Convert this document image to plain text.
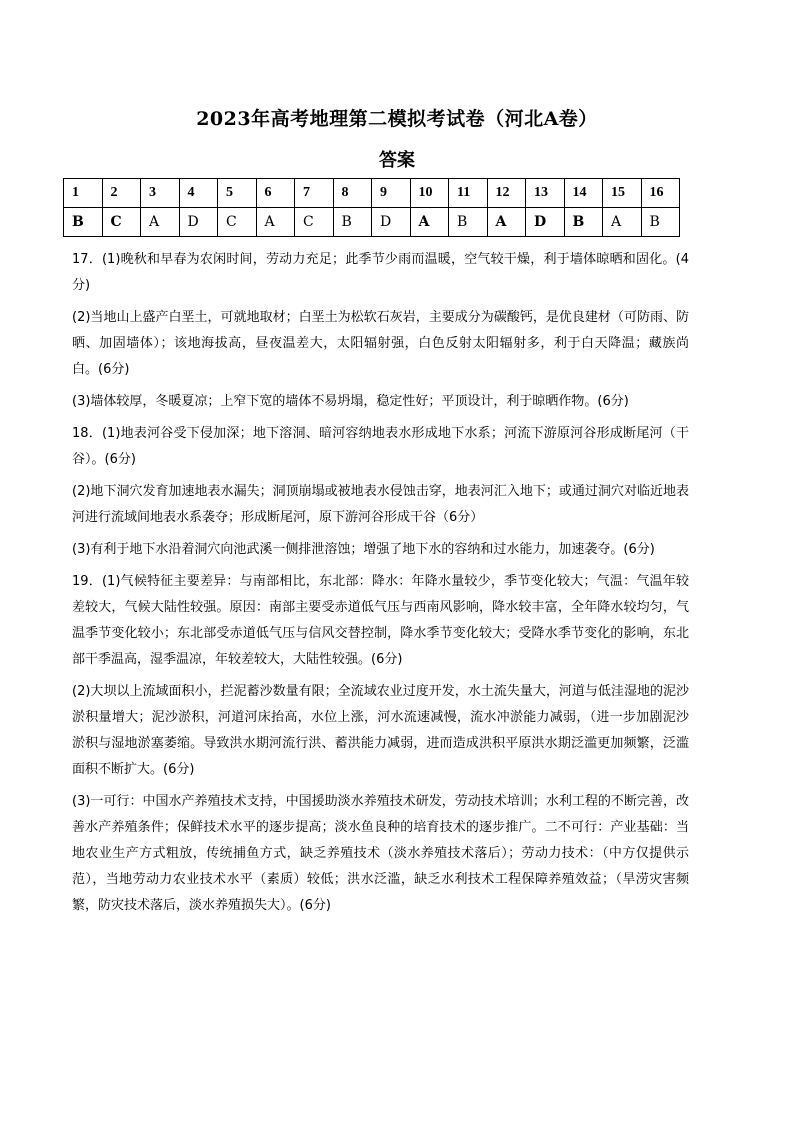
2023年高考地理第二模拟考试卷（河北A卷）
答案
1	2	3	4	5	6	7	8	9	10	11	12	13	14	15	16
B	C	A	D	C	A	C	B	D	A	B	A	D	B	A	B

17．(1)晚秋和早春为农闲时间，劳动力充足；此季节少雨而温暖，空气较干燥，利于墙体晾晒和固化。(4分)

(2)当地山上盛产白垩土，可就地取材；白垩土为松软石灰岩，主要成分为碳酸钙，是优良建材（可防雨、防晒、加固墙体）；该地海拔高，昼夜温差大，太阳辐射强，白色反射太阳辐射多，利于白天降温；藏族尚白。(6分)

(3)墙体较厚，冬暖夏凉；上窄下宽的墙体不易坍塌，稳定性好；平顶设计，利于晾晒作物。(6分)

18．(1)地表河谷受下侵加深；地下溶洞、暗河容纳地表水形成地下水系；河流下游原河谷形成断尾河（干谷）。(6分)

(2)地下洞穴发育加速地表水漏失；洞顶崩塌或被地表水侵蚀击穿，地表河汇入地下；或通过洞穴对临近地表河进行流域间地表水系袭夺；形成断尾河，原下游河谷形成干谷（6分）

(3)有利于地下水沿着洞穴向池武溪一侧排泄溶蚀；增强了地下水的容纳和过水能力，加速袭夺。(6分)

19．(1)气候特征主要差异：与南部相比，东北部：降水：年降水量较少，季节变化较大；气温：气温年较差较大，气候大陆性较强。原因：南部主要受赤道低气压与西南风影响，降水较丰富，全年降水较均匀，气温季节变化较小；东北部受赤道低气压与信风交替控制，降水季节变化较大；受降水季节变化的影响，东北部干季温高，湿季温凉，年较差较大，大陆性较强。(6分)

(2)大坝以上流域面积小，拦泥蓄沙数量有限；全流域农业过度开发，水土流失量大，河道与低洼湿地的泥沙淤积量增大；泥沙淤积，河道河床抬高，水位上涨，河水流速减慢，流水冲淤能力减弱，（进一步加剧泥沙淤积与湿地淤塞萎缩。导致洪水期河流行洪、蓄洪能力减弱，进而造成洪积平原洪水期泛滥更加频繁，泛滥面积不断扩大。(6分)

(3)一可行：中国水产养殖技术支持，中国援助淡水养殖技术研发，劳动技术培训；水利工程的不断完善，改善水产养殖条件；保鲜技术水平的逐步提高；淡水鱼良种的培育技术的逐步推广。二不可行：产业基础：当地农业生产方式粗放，传统捕鱼方式，缺乏养殖技术（淡水养殖技术落后）；劳动力技术：（中方仅提供示范），当地劳动力农业技术水平（素质）较低；洪水泛滥，缺乏水利技术工程保障养殖效益；（旱涝灾害频繁，防灾技术落后，淡水养殖损失大）。(6分)
